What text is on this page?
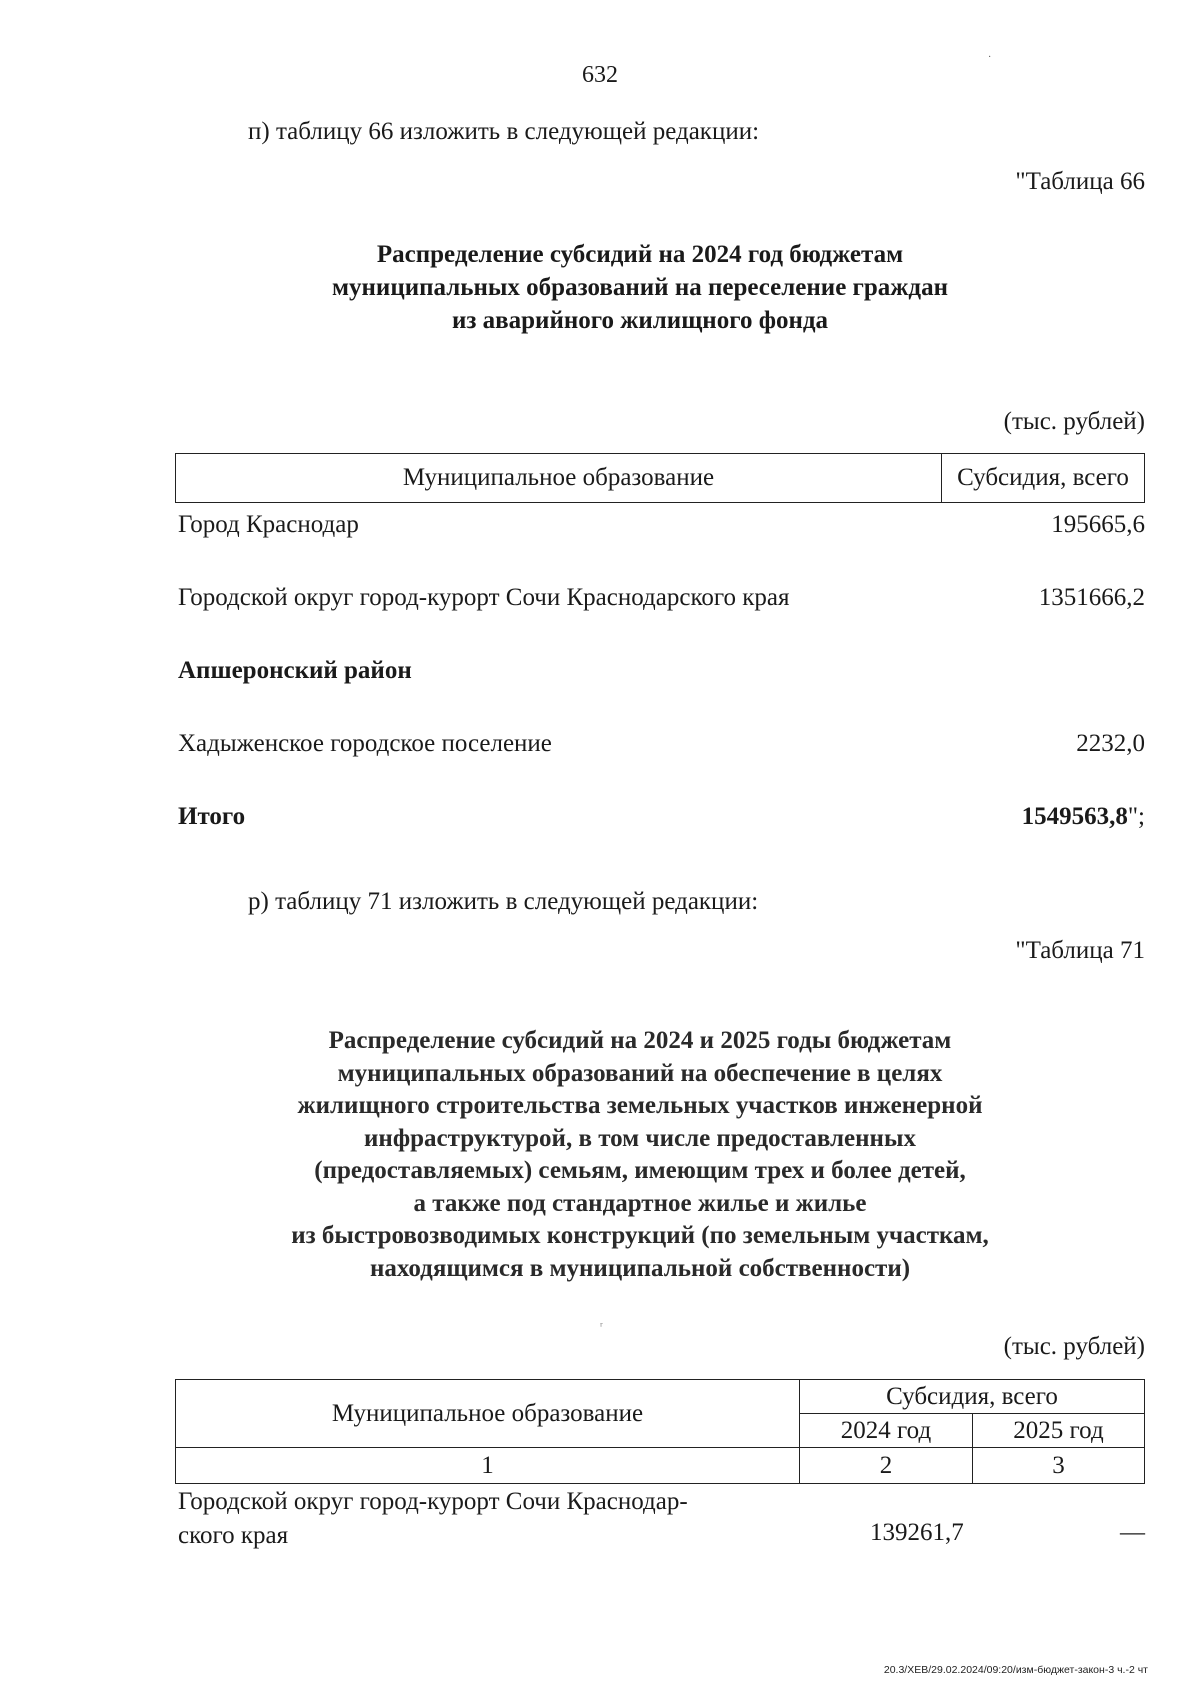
632
·
п) таблицу 66 изложить в следующей редакции:
"Таблица 66
Распределение субсидий на 2024 год бюджетам
муниципальных образований на переселение граждан
из аварийного жилищного фонда
(тыс. рублей)
Муниципальное образование	Субсидия, всего
Город Краснодар	195665,6
Городской округ город-курорт Сочи Краснодарского края	1351666,2
Апшеронский район
Хадыженское городское поселение	2232,0
Итого	1549563,8";
р) таблицу 71 изложить в следующей редакции:
"Таблица 71
Распределение субсидий на 2024 и 2025 годы бюджетам
муниципальных образований на обеспечение в целях
жилищного строительства земельных участков инженерной
инфраструктурой, в том числе предоставленных
(предоставляемых) семьям, имеющим трех и более детей,
а также под стандартное жилье и жилье
из быстровозводимых конструкций (по земельным участкам,
находящимся в муниципальной собственности)
ʳ
(тыс. рублей)
Муниципальное образование	Субсидия, всего	
	2024 год	2025 год
1	2	3
Городской округ город-курорт Сочи Краснодар-
ского края	139261,7	—
20.3/ХЕВ/29.02.2024/09:20/изм-бюджет-закон-3 ч.-2 чт
